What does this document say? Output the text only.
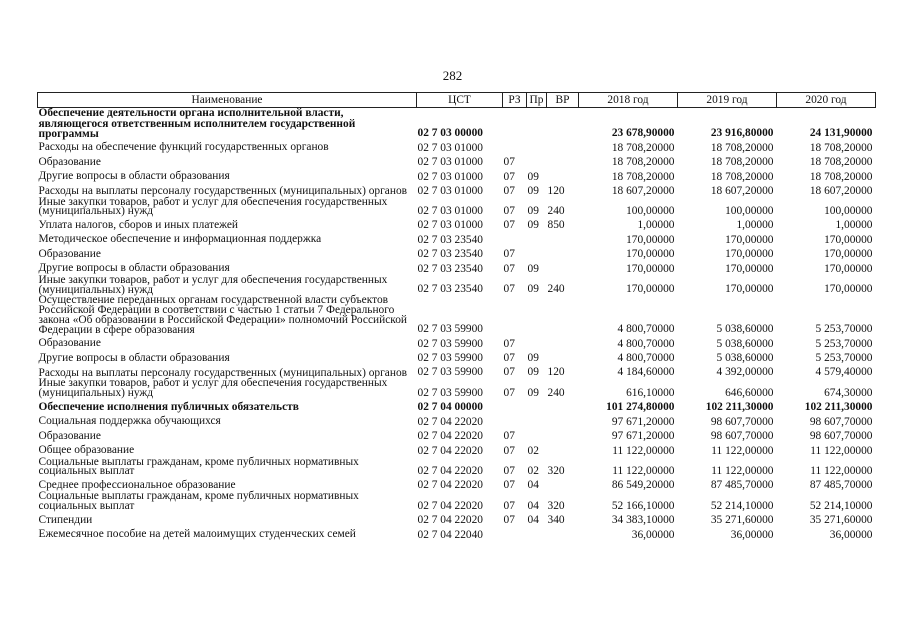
282
Наименование	ЦСТ	РЗ	Пр	ВР	2018 год	2019 год	2020 год
Обеспечение деятельности органа исполнительной власти, являющегося ответственным исполнителем государственной программы	02 7 03 00000				23 678,90000	23 916,80000	24 131,90000
Расходы на обеспечение функций государственных органов	02 7 03 01000				18 708,20000	18 708,20000	18 708,20000
Образование	02 7 03 01000	07			18 708,20000	18 708,20000	18 708,20000
Другие вопросы в области образования	02 7 03 01000	07	09		18 708,20000	18 708,20000	18 708,20000
Расходы на выплаты персоналу государственных (муниципальных) органов	02 7 03 01000	07	09	120	18 607,20000	18 607,20000	18 607,20000
Иные закупки товаров, работ и услуг для обеспечения государственных (муниципальных) нужд	02 7 03 01000	07	09	240	100,00000	100,00000	100,00000
Уплата налогов, сборов и иных платежей	02 7 03 01000	07	09	850	1,00000	1,00000	1,00000
Методическое обеспечение и информационная поддержка	02 7 03 23540				170,00000	170,00000	170,00000
Образование	02 7 03 23540	07			170,00000	170,00000	170,00000
Другие вопросы в области образования	02 7 03 23540	07	09		170,00000	170,00000	170,00000
Иные закупки товаров, работ и услуг для обеспечения государственных (муниципальных) нужд	02 7 03 23540	07	09	240	170,00000	170,00000	170,00000
Осуществление переданных органам государственной власти субъектов Российской Федерации в соответствии с частью 1 статьи 7 Федерального закона «Об образовании в Российской Федерации» полномочий Российской Федерации в сфере образования	02 7 03 59900				4 800,70000	5 038,60000	5 253,70000
Образование	02 7 03 59900	07			4 800,70000	5 038,60000	5 253,70000
Другие вопросы в области образования	02 7 03 59900	07	09		4 800,70000	5 038,60000	5 253,70000
Расходы на выплаты персоналу государственных (муниципальных) органов	02 7 03 59900	07	09	120	4 184,60000	4 392,00000	4 579,40000
Иные закупки товаров, работ и услуг для обеспечения государственных (муниципальных) нужд	02 7 03 59900	07	09	240	616,10000	646,60000	674,30000
Обеспечение исполнения публичных обязательств	02 7 04 00000				101 274,80000	102 211,30000	102 211,30000
Социальная поддержка обучающихся	02 7 04 22020				97 671,20000	98 607,70000	98 607,70000
Образование	02 7 04 22020	07			97 671,20000	98 607,70000	98 607,70000
Общее образование	02 7 04 22020	07	02		11 122,00000	11 122,00000	11 122,00000
Социальные выплаты гражданам, кроме публичных нормативных социальных выплат	02 7 04 22020	07	02	320	11 122,00000	11 122,00000	11 122,00000
Среднее профессиональное образование	02 7 04 22020	07	04		86 549,20000	87 485,70000	87 485,70000
Социальные выплаты гражданам, кроме публичных нормативных социальных выплат	02 7 04 22020	07	04	320	52 166,10000	52 214,10000	52 214,10000
Стипендии	02 7 04 22020	07	04	340	34 383,10000	35 271,60000	35 271,60000
Ежемесячное пособие на детей малоимущих студенческих семей	02 7 04 22040				36,00000	36,00000	36,00000
